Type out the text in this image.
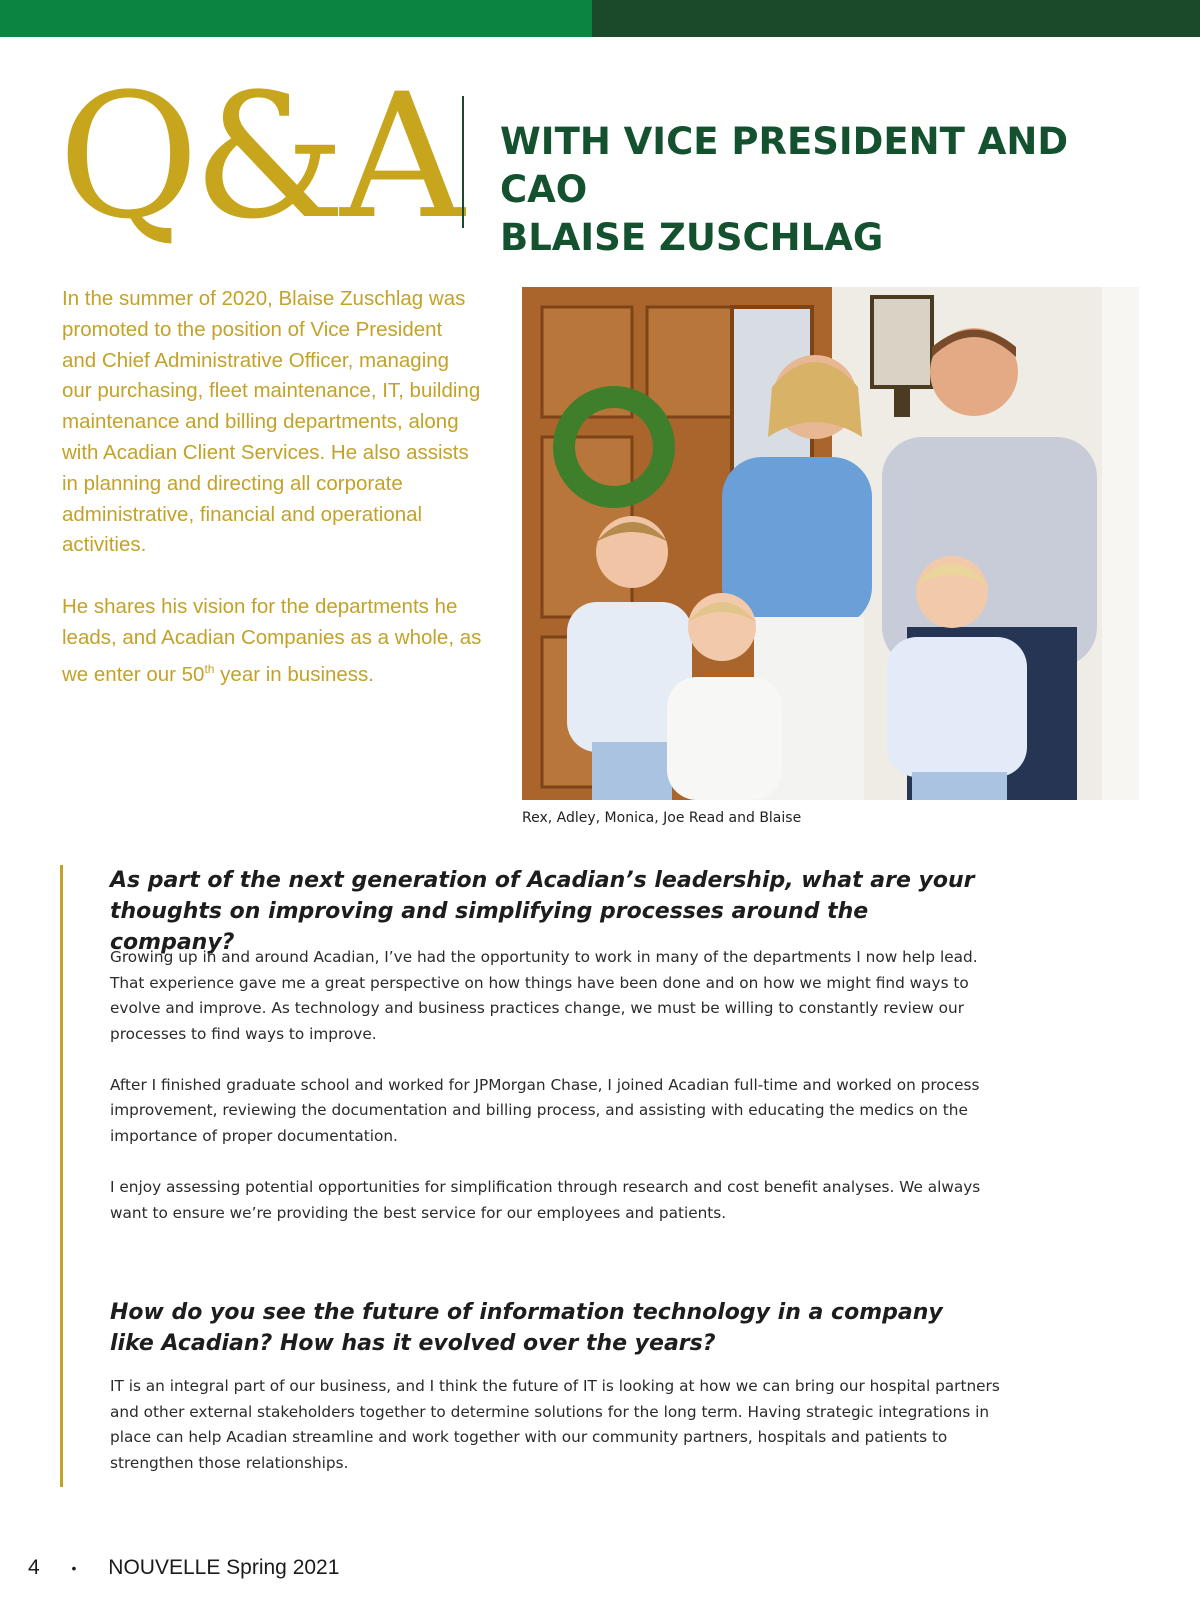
Q&A WITH VICE PRESIDENT AND CAO
BLAISE ZUSCHLAG

In the summer of 2020, Blaise Zuschlag was promoted to the position of Vice President and Chief Administrative Officer, managing our purchasing, fleet maintenance, IT, building maintenance and billing departments, along with Acadian Client Services. He also assists in planning and directing all corporate administrative, financial and operational activities.

He shares his vision for the departments he leads, and Acadian Companies as a whole, as we enter our 50th year in business.

Rex, Adley, Monica, Joe Read and Blaise
As part of the next generation of Acadian’s leadership, what are your thoughts on improving and simplifying processes around the company?

Growing up in and around Acadian, I’ve had the opportunity to work in many of the departments I now help lead. That experience gave me a great perspective on how things have been done and on how we might find ways to evolve and improve. As technology and business practices change, we must be willing to constantly review our processes to find ways to improve.

After I finished graduate school and worked for JPMorgan Chase, I joined Acadian full-time and worked on process improvement, reviewing the documentation and billing process, and assisting with educating the medics on the importance of proper documentation.

I enjoy assessing potential opportunities for simplification through research and cost benefit analyses. We always want to ensure we’re providing the best service for our employees and patients.

How do you see the future of information technology in a company like Acadian? How has it evolved over the years?

IT is an integral part of our business, and I think the future of IT is looking at how we can bring our hospital partners and other external stakeholders together to determine solutions for the long term. Having strategic integrations in place can help Acadian streamline and work together with our community partners, hospitals and patients to strengthen those relationships.

4 • NOUVELLE Spring 2021
